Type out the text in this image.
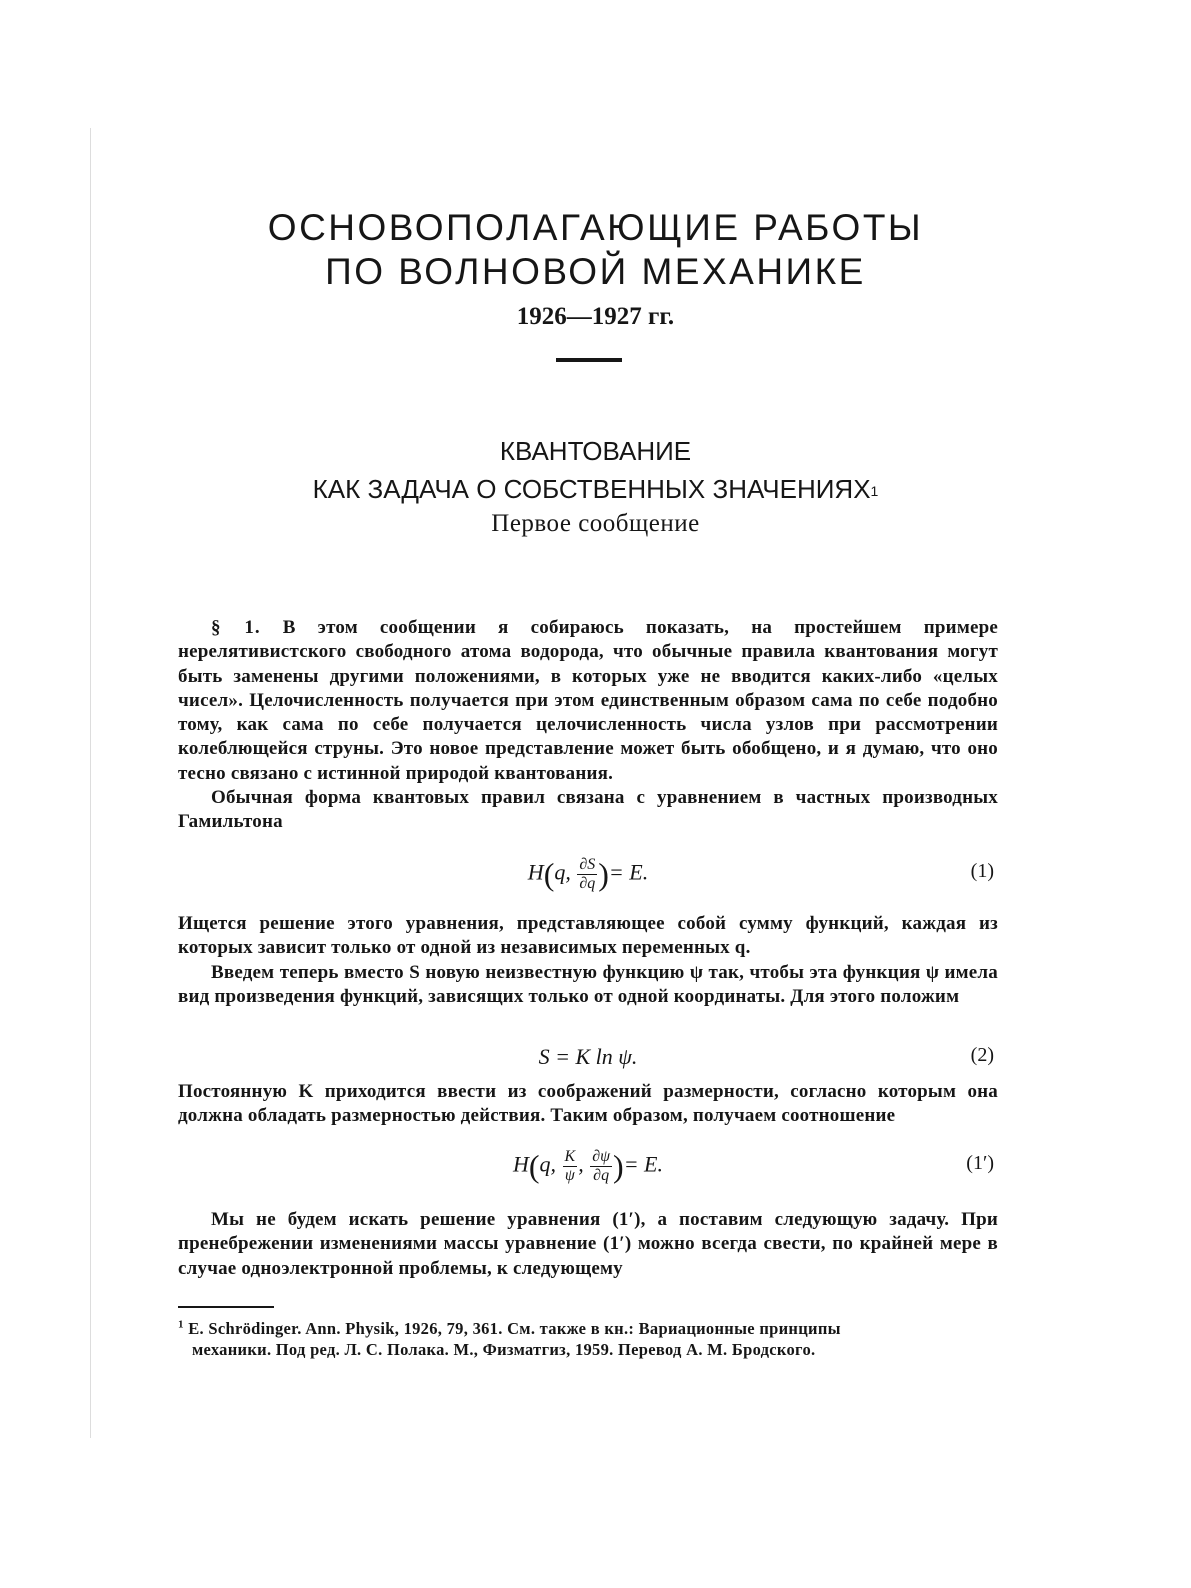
ОСНОВОПОЛАГАЮЩИЕ РАБОТЫ
ПО ВОЛНОВОЙ МЕХАНИКЕ
1926—1927 гг.
КВАНТОВАНИЕ
КАК ЗАДАЧА О СОБСТВЕННЫХ ЗНАЧЕНИЯХ$^1$
Первое сообщение

§ 1. В этом сообщении я собираюсь показать, на простейшем примере нерелятивистского свободного атома водорода, что обычные правила квантования могут быть заменены другими положениями, в которых уже не вводится каких-либо «целых чисел». Целочисленность получается при этом единственным образом сама по себе подобно тому, как сама по себе получается целочисленность числа узлов при рассмотрении колеблющейся струны. Это новое представление может быть обобщено, и я думаю, что оно тесно связано с истинной природой квантования.

Обычная форма квантовых правил связана с уравнением в частных производных Гамильтона

H(q, $\frac{\partial S}{\partial q}$ )= E.	(1)

Ищется решение этого уравнения, представляющее собой сумму функций, каждая из которых зависит только от одной из независимых переменных q.

Введем теперь вместо S новую неизвестную функцию ψ так, чтобы эта функция ψ имела вид произведения функций, зависящих только от одной координаты. Для этого положим

S = K ln ψ.	(2)

Постоянную K приходится ввести из соображений размерности, согласно которым она должна обладать размерностью действия. Таким образом, получаем соотношение

H(q, $\frac{K}{\psi}$ , $\frac{\partial\psi}{\partial q}$ )= E.	(1′)

Мы не будем искать решение уравнения (1′), а поставим следующую задачу. При пренебрежении изменениями массы уравнение (1′) можно всегда свести, по крайней мере в случае одноэлектронной проблемы, к следующему

$^1$ E. Schrödinger. Ann. Physik, 1926, 79, 361. См. также в кн.: Вариационные принципы
механики. Под ред. Л. С. Полака. М., Физматгиз, 1959. Перевод А. М. Бродского.
